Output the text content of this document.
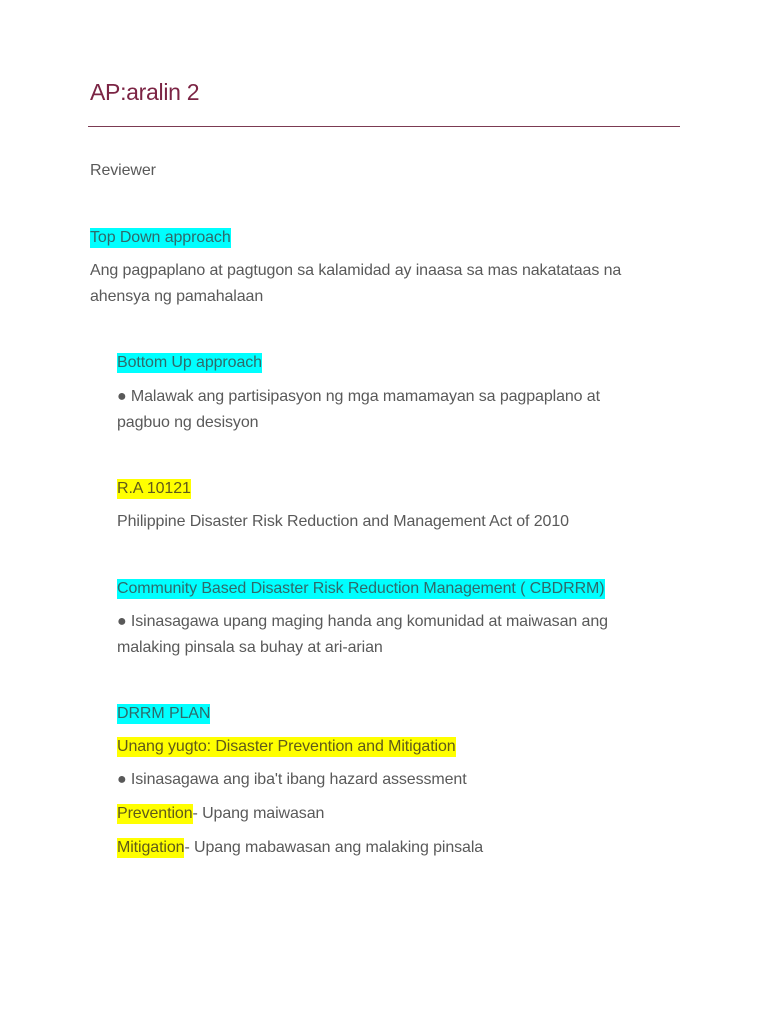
AP:aralin 2
Reviewer
Top Down approach
Ang pagpaplano at pagtugon sa kalamidad ay inaasa sa mas nakatataas na
ahensya ng pamahalaan
Bottom Up approach
● Malawak ang partisipasyon ng mga mamamayan sa pagpaplano at
pagbuo ng desisyon
R.A 10121
Philippine Disaster Risk Reduction and Management Act of 2010
Community Based Disaster Risk Reduction Management ( CBDRRM)
● Isinasagawa upang maging handa ang komunidad at maiwasan ang
malaking pinsala sa buhay at ari-arian
DRRM PLAN
Unang yugto: Disaster Prevention and Mitigation
● Isinasagawa ang iba't ibang hazard assessment
Prevention- Upang maiwasan
Mitigation- Upang mabawasan ang malaking pinsala
